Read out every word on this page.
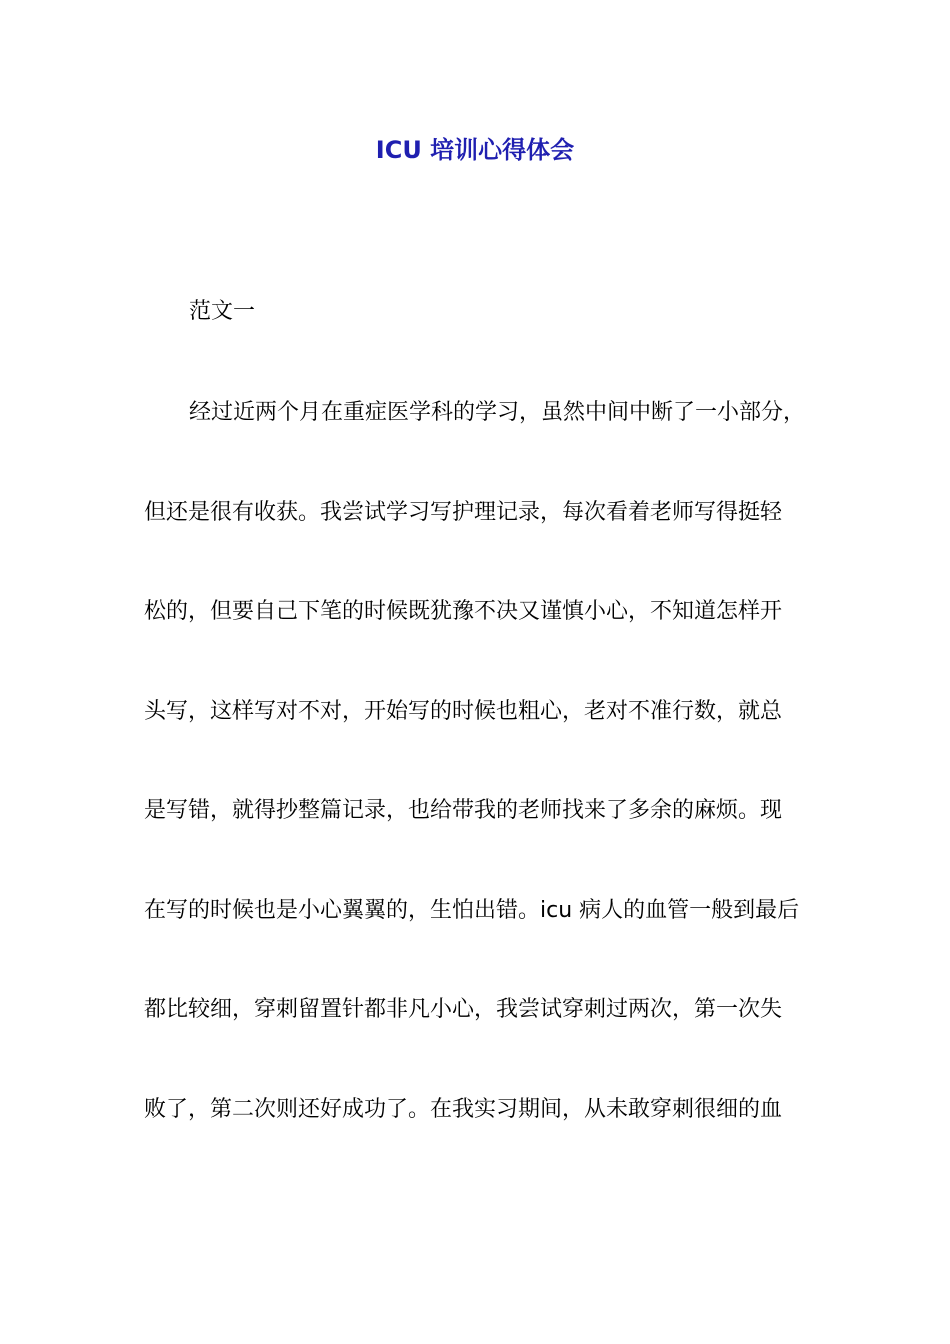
ICU 培训心得体会
范文一
经过近两个月在重症医学科的学习，虽然中间中断了一小部分，
但还是很有收获。我尝试学习写护理记录，每次看着老师写得挺轻
松的，但要自己下笔的时候既犹豫不决又谨慎小心，不知道怎样开
头写，这样写对不对，开始写的时候也粗心，老对不准行数，就总
是写错，就得抄整篇记录，也给带我的老师找来了多余的麻烦。现
在写的时候也是小心翼翼的，生怕出错。icu 病人的血管一般到最后
都比较细，穿刺留置针都非凡小心，我尝试穿刺过两次，第一次失
败了，第二次则还好成功了。在我实习期间，从未敢穿刺很细的血
